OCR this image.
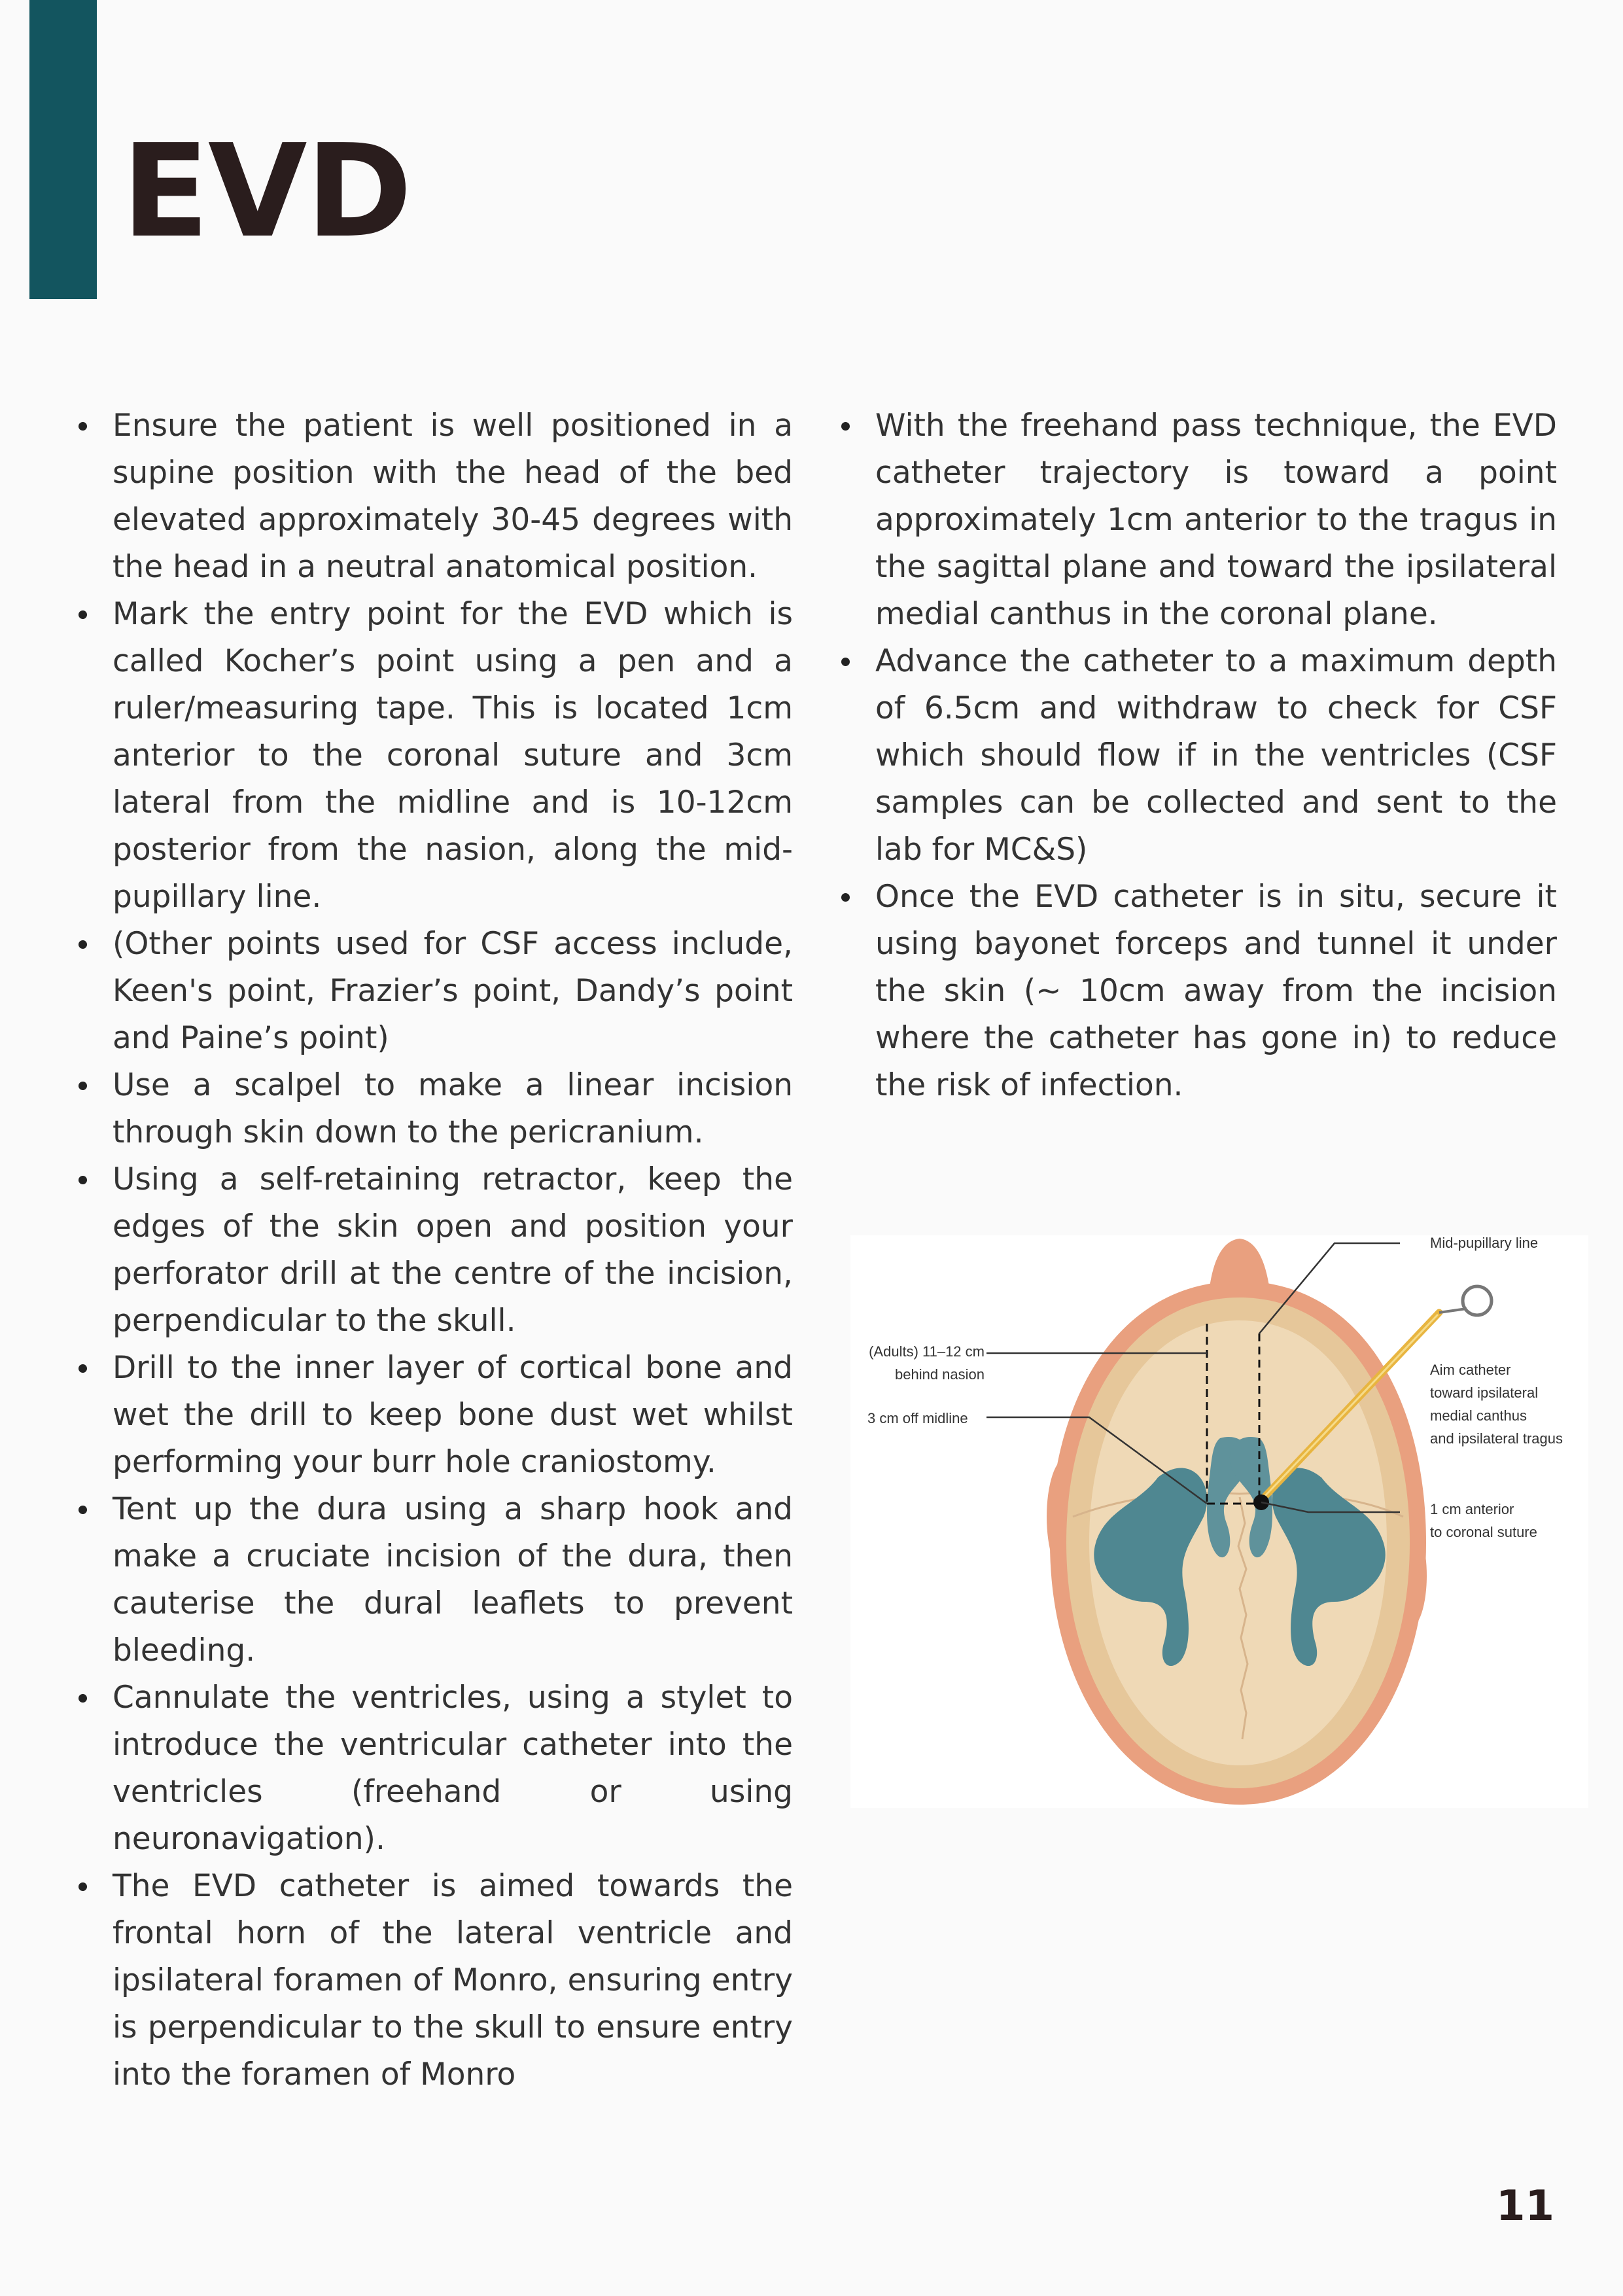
EVD
Ensure the patient is well positioned in a supine position with the head of the bed elevated approximately 30-45 degrees with the head in a neutral anatomical position.
Mark the entry point for the EVD which is called Kocher’s point using a pen and a ruler/measuring tape. This is located 1cm anterior to the coronal suture and 3cm lateral from the midline and is 10-12cm posterior from the nasion, along the mid-pupillary line.
(Other points used for CSF access include, Keen's point, Frazier’s point, Dandy’s point and Paine’s point)
Use a scalpel to make a linear incision through skin down to the pericranium.
Using a self-retaining retractor, keep the edges of the skin open and position your perforator drill at the centre of the incision, perpendicular to the skull.
Drill to the inner layer of cortical bone and wet the drill to keep bone dust wet whilst performing your burr hole craniostomy.
Tent up the dura using a sharp hook and make a cruciate incision of the dura, then cauterise the dural leaflets to prevent bleeding.
Cannulate the ventricles, using a stylet to introduce the ventricular catheter into the ventricles (freehand or using neuronavigation).
The EVD catheter is aimed towards the frontal horn of the lateral ventricle and ipsilateral foramen of Monro, ensuring entry is perpendicular to the skull to ensure entry into the foramen of Monro
With the freehand pass technique, the EVD catheter trajectory is toward a point approximately 1cm anterior to the tragus in the sagittal plane and toward the ipsilateral medial canthus in the coronal plane.
Advance the catheter to a maximum depth of 6.5cm and withdraw to check for CSF which should flow if in the ventricles (CSF samples can be collected and sent to the lab for MC&S)
Once the EVD catheter is in situ, secure it using bayonet forceps and tunnel it under the skin (~ 10cm away from the incision where the catheter has gone in) to reduce the risk of infection.
Mid-pupillary line
(Adults) 11–12 cm
behind nasion
3 cm off midline
Aim catheter
toward ipsilateral
medial canthus
and ipsilateral tragus
1 cm anterior
to coronal suture
11
